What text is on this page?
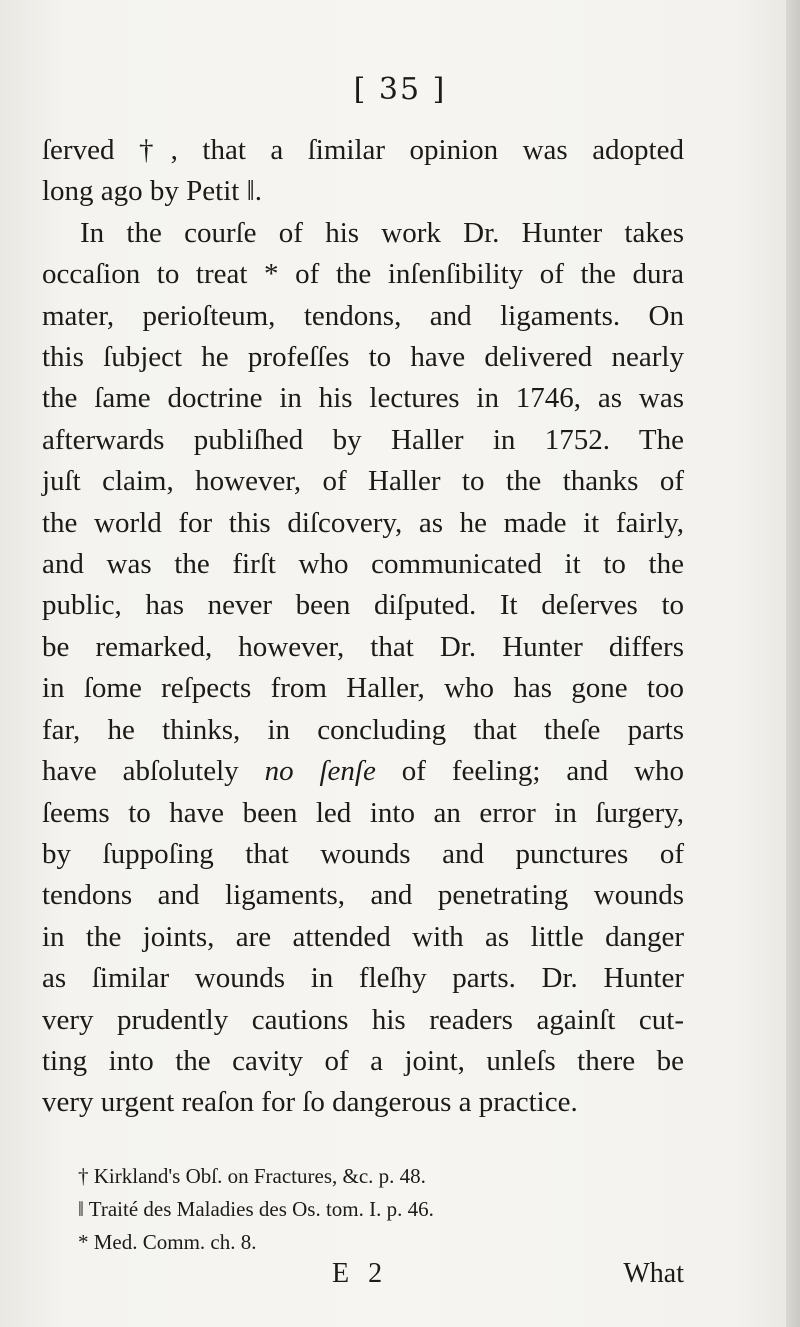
[ 35 ]
ſerved †, that a ſimilar opinion was adopted
long ago by Petit ‖.
In the courſe of his work Dr. Hunter takes
occaſion to treat * of the inſenſibility of the dura
mater, perioſteum, tendons, and ligaments. On
this ſubject he profeſſes to have delivered nearly
the ſame doctrine in his lectures in 1746, as was
afterwards publiſhed by Haller in 1752. The
juſt claim, however, of Haller to the thanks of
the world for this diſcovery, as he made it fairly,
and was the firſt who communicated it to the
public, has never been diſputed. It deſerves to
be remarked, however, that Dr. Hunter differs
in ſome reſpects from Haller, who has gone too
far, he thinks, in concluding that theſe parts
have abſolutely no ſenſe of feeling; and who
ſeems to have been led into an error in ſurgery,
by ſuppoſing that wounds and punctures of
tendons and ligaments, and penetrating wounds
in the joints, are attended with as little danger
as ſimilar wounds in fleſhy parts. Dr. Hunter
very prudently cautions his readers againſt cut-
ting into the cavity of a joint, unleſs there be
very urgent reaſon for ſo dangerous a practice.
† Kirkland's Obſ. on Fractures, &c. p. 48.
‖ Traité des Maladies des Os. tom. I. p. 46.
* Med. Comm. ch. 8.
E 2	What
